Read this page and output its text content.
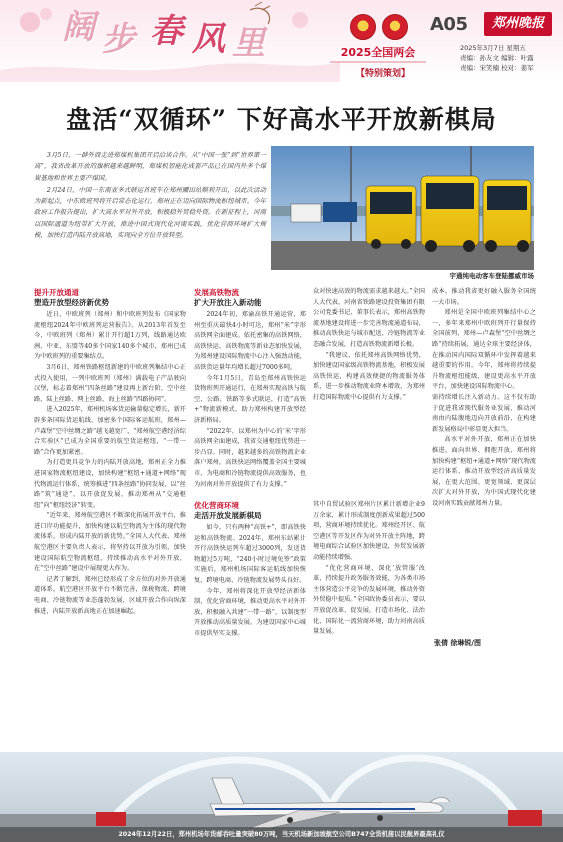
阔 步 春 风 里	2025全国两会
【特别策划】
A05	郑州晚报
2025年3月7日 星期五
责编：孙友文 编辑：叶露
责编：宋笑楠 校对：姜军
盘活“双循环” 下好高水平开放新棋局

3月5日，一群外商走进郑煤机集团开启洽谈合作。从“中国一张”到“世界第一高”，我省改革开放的旗帜越来越鲜明，郑煤机智能化成套产品已在国内外多个煤炭基地和世界主要产煤国。

2月24日，中国一东南亚多式联运首班车在郑州圃田站顺利开出，以此次活动为新起点，中东欧班列将开启常态化运行，郑州正在迈向国际物流枢纽城市。今年政府工作报告提出，扩大高水平对外开放，积极稳外贸稳外资。在新征程上，河南以国际通道为纽带扩大开放，推进中国式现代化河南实践，优化营商环境扩大规模，加快打造内陆开放高地，实现向全方位开放转型。

宇通纯电动客车登陆挪威市场
提升开放通道
塑造开放型经济新优势
发展高铁物流
扩大开放注入新动能
优化营商环境
走活开放发展新棋局

近日，中欧班列（郑州）和中欧班列发布《国家物流枢纽2024年中欧班列运营报告》。从2013年首发至今，中欧班列（郑州）累计开行超1万列，线路通达欧洲、中亚、东盟等40多个国家140多个城市，郑州已成为中欧班列的重要集结点。

3月6日，郑州铁路枢纽新建的中欧班列集结中心正式投入使用，一列中欧班列（郑州）满载电子产品驶向汉堡，标志着郑州“四条丝路”建设再上新台阶，空中丝路、陆上丝路、网上丝路、海上丝路“四路协同”。

进入2025年，郑州机场客货运输量稳定增长，新开辟多条国际货运航线，加密多个国际客运航班，郑州—卢森堡“空中丝绸之路”越飞越宽广，“郑州航空港经济综合实验区”已成为全国重要的航空货运枢纽，“一带一路”合作更加紧密。

为打造更具竞争力的内陆开放高地，郑州正全力推进国家物流枢纽建设，加快构建“枢纽+通道+网络”现代物流运行体系，统筹推进“四条丝路”协同发展，以“丝路”筑“通途”，以开放促发展，推动郑州从“交通枢纽”向“枢纽经济”转变。

“近年来，郑州航空港区不断深化拓展开放平台，推进口岸功能提升，加快构建以航空物流为主体的现代物流体系，形成内陆开放的新优势。”全国人大代表、郑州航空港区主要负责人表示，将坚持以开放为引领，加快建设国际航空物流枢纽，持续推动高水平对外开放，在“空中丝路”建设中展现更大作为。

记者了解到，郑州已经形成了全方位的对外开放通道体系，航空港区开放平台不断完善，保税物流、跨境电商、冷链物流等业态蓬勃发展，区域开放合作向纵深推进，内陆开放新高地正在加速崛起。

2024年初，郑渝高铁开通运营，郑州至重庆最快4小时可达，郑州“米”字形高铁网全面建成。依托密集的高铁网络，高铁快运、高铁物流等新业态加快发展，为郑州建设国际物流中心注入强劲动能，高铁货运量年均增长超过7000多吨。

今年1月5日，青岛至郑州高铁快运货物班列开通运行，在郑州实现高铁与航空、公路、铁路等多式联运，打造“高铁+”物流新模式，助力郑州构建开放型经济新格局。

“2022年，以郑州为中心的‘米’字形高铁网全面建成，我省交通枢纽优势进一步凸显。同时，越来越多的高铁物流企业落户郑州，高铁快运网络覆盖全国主要城市，为电商和冷链物流提供高效服务，也为河南对外开放提供了有力支撑。”

如今，只有两种“高铁+”，即高铁快运和高铁物流。2024年，郑州东站累计开行高铁快运列车超过3000列，发送货物超过5万吨，“240小时过境免签”政策实施后，郑州机场国际客运航线加快恢复，跨境电商、冷链物流发展势头良好。

今年，郑州将深化开放型经济新体制，优化营商环境，推动更高水平对外开放，积极融入共建“一带一路”，以制度型开放推动高质量发展，为建设国家中心城市提供坚实支撑。

众对快速高效的物流需求越来越大。”全国人大代表、河南省铁路建设投资集团有限公司党委书记、董事长表示，郑州高铁物流基地建设将进一步完善物流通道布局，推动高铁快运与城市配送、冷链物流等业态融合发展，打造高铁物流新增长极。

“我建议，依托郑州高铁网络优势，加快建设国家级高铁物流基地，积极发展高铁快运，构建高效便捷的物流服务体系，进一步推动物流业降本增效，为郑州打造国际物流中心提供有力支撑。”

其中自贸试验区郑州片区累计新增企业9万余家，累计形成制度创新成果超过500项，营商环境持续优化。郑州经开区、航空港区等开发区作为对外开放主阵地，跨境电商综合试验区加快建设，外贸发展新动能持续增强。

“优化营商环境，深化‘放管服’改革，持续提升政务服务效能，为各类市场主体营造公平竞争的发展环境，推动外资外贸稳中提质。”全国政协委员表示，要以开放促改革、促发展，打造市场化、法治化、国际化一流营商环境，助力河南高质量发展。

成本，推动我省更好融入服务全国统一大市场。

郑州是全国中欧班列集结中心之一，多年来郑州中欧班列开行量保持全国前列，郑州—卢森堡“空中丝绸之路”持续拓展，通达全球主要经济体，在推动国内国际双循环中发挥着越来越重要的作用。今年，郑州将持续提升物流枢纽能级，建设更高水平开放平台，加快建设国际物流中心。

需持续增长注入新动力。这不仅有助于促进我省现代服务业发展，推动河南由内陆腹地迈向开放前沿，在构建新发展格局中彰显更大担当。

高水平对外开放，郑州正在加快推进。面向世界、拥抱开放，郑州将加快构建“枢纽+通道+网络”现代物流运行体系，推动开放型经济高质量发展，在更大范围、更宽领域、更深层次扩大对外开放，为中国式现代化建设河南实践贡献郑州力量。

张倩 徐琳锐/图
2024年12月22日，郑州机场年货邮吞吐量突破80万吨，当天机场新加坡航空公司B747全货机接以民航界最高礼仪
